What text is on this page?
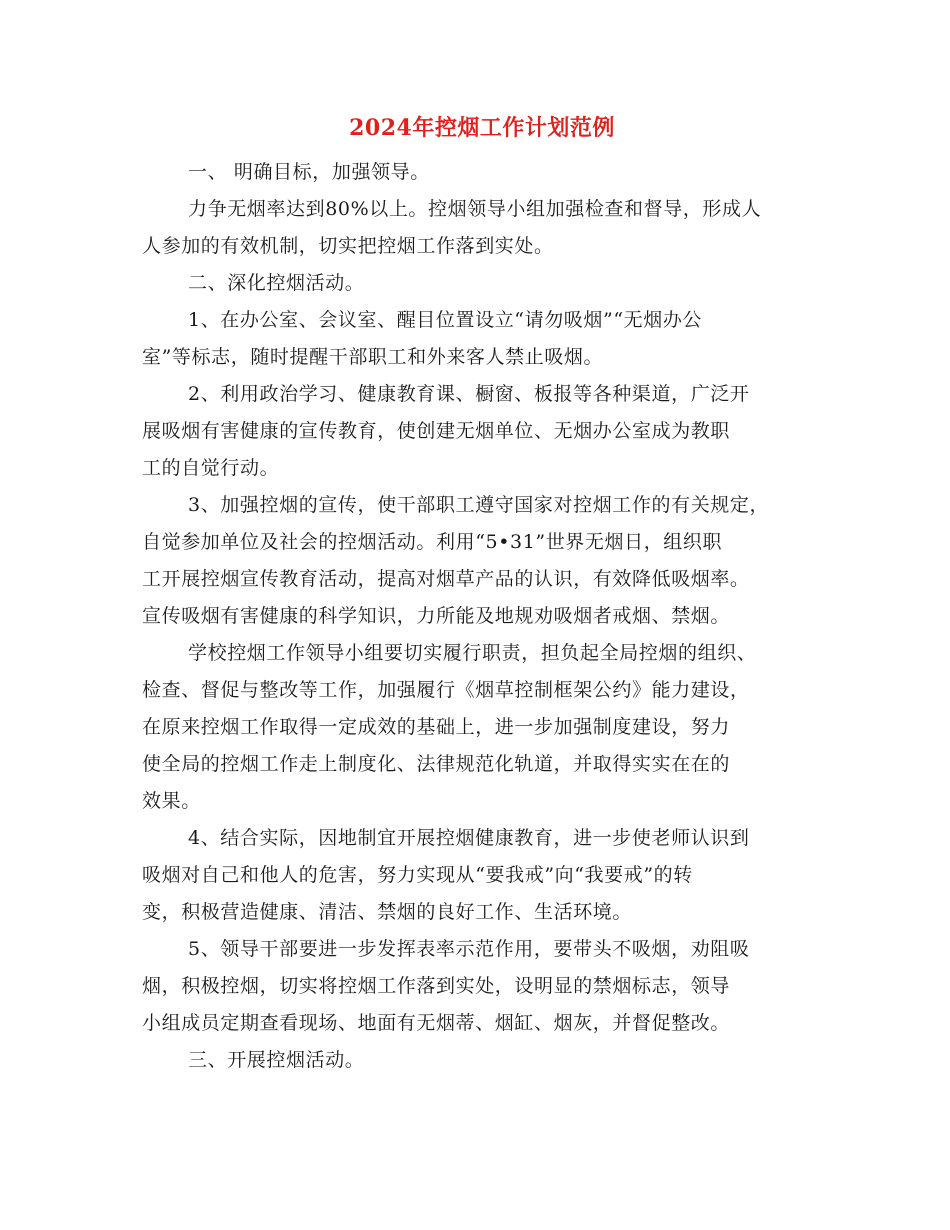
2024年控烟工作计划范例
一、 明确目标，加强领导。
力争无烟率达到80%以上。控烟领导小组加强检查和督导，形成人
人参加的有效机制，切实把控烟工作落到实处。
二、深化控烟活动。
1、在办公室、会议室、醒目位置设立“请勿吸烟”“无烟办公
室”等标志，随时提醒干部职工和外来客人禁止吸烟。
2、利用政治学习、健康教育课、橱窗、板报等各种渠道，广泛开
展吸烟有害健康的宣传教育，使创建无烟单位、无烟办公室成为教职
工的自觉行动。
3、加强控烟的宣传，使干部职工遵守国家对控烟工作的有关规定，
自觉参加单位及社会的控烟活动。利用“5•31”世界无烟日，组织职
工开展控烟宣传教育活动，提高对烟草产品的认识，有效降低吸烟率。
宣传吸烟有害健康的科学知识，力所能及地规劝吸烟者戒烟、禁烟。
学校控烟工作领导小组要切实履行职责，担负起全局控烟的组织、
检查、督促与整改等工作，加强履行《烟草控制框架公约》能力建设，
在原来控烟工作取得一定成效的基础上，进一步加强制度建设，努力
使全局的控烟工作走上制度化、法律规范化轨道，并取得实实在在的
效果。
4、结合实际，因地制宜开展控烟健康教育，进一步使老师认识到
吸烟对自己和他人的危害，努力实现从“要我戒”向“我要戒”的转
变，积极营造健康、清洁、禁烟的良好工作、生活环境。
5、领导干部要进一步发挥表率示范作用，要带头不吸烟，劝阻吸
烟，积极控烟，切实将控烟工作落到实处，设明显的禁烟标志，领导
小组成员定期查看现场、地面有无烟蒂、烟缸、烟灰，并督促整改。
三、开展控烟活动。
